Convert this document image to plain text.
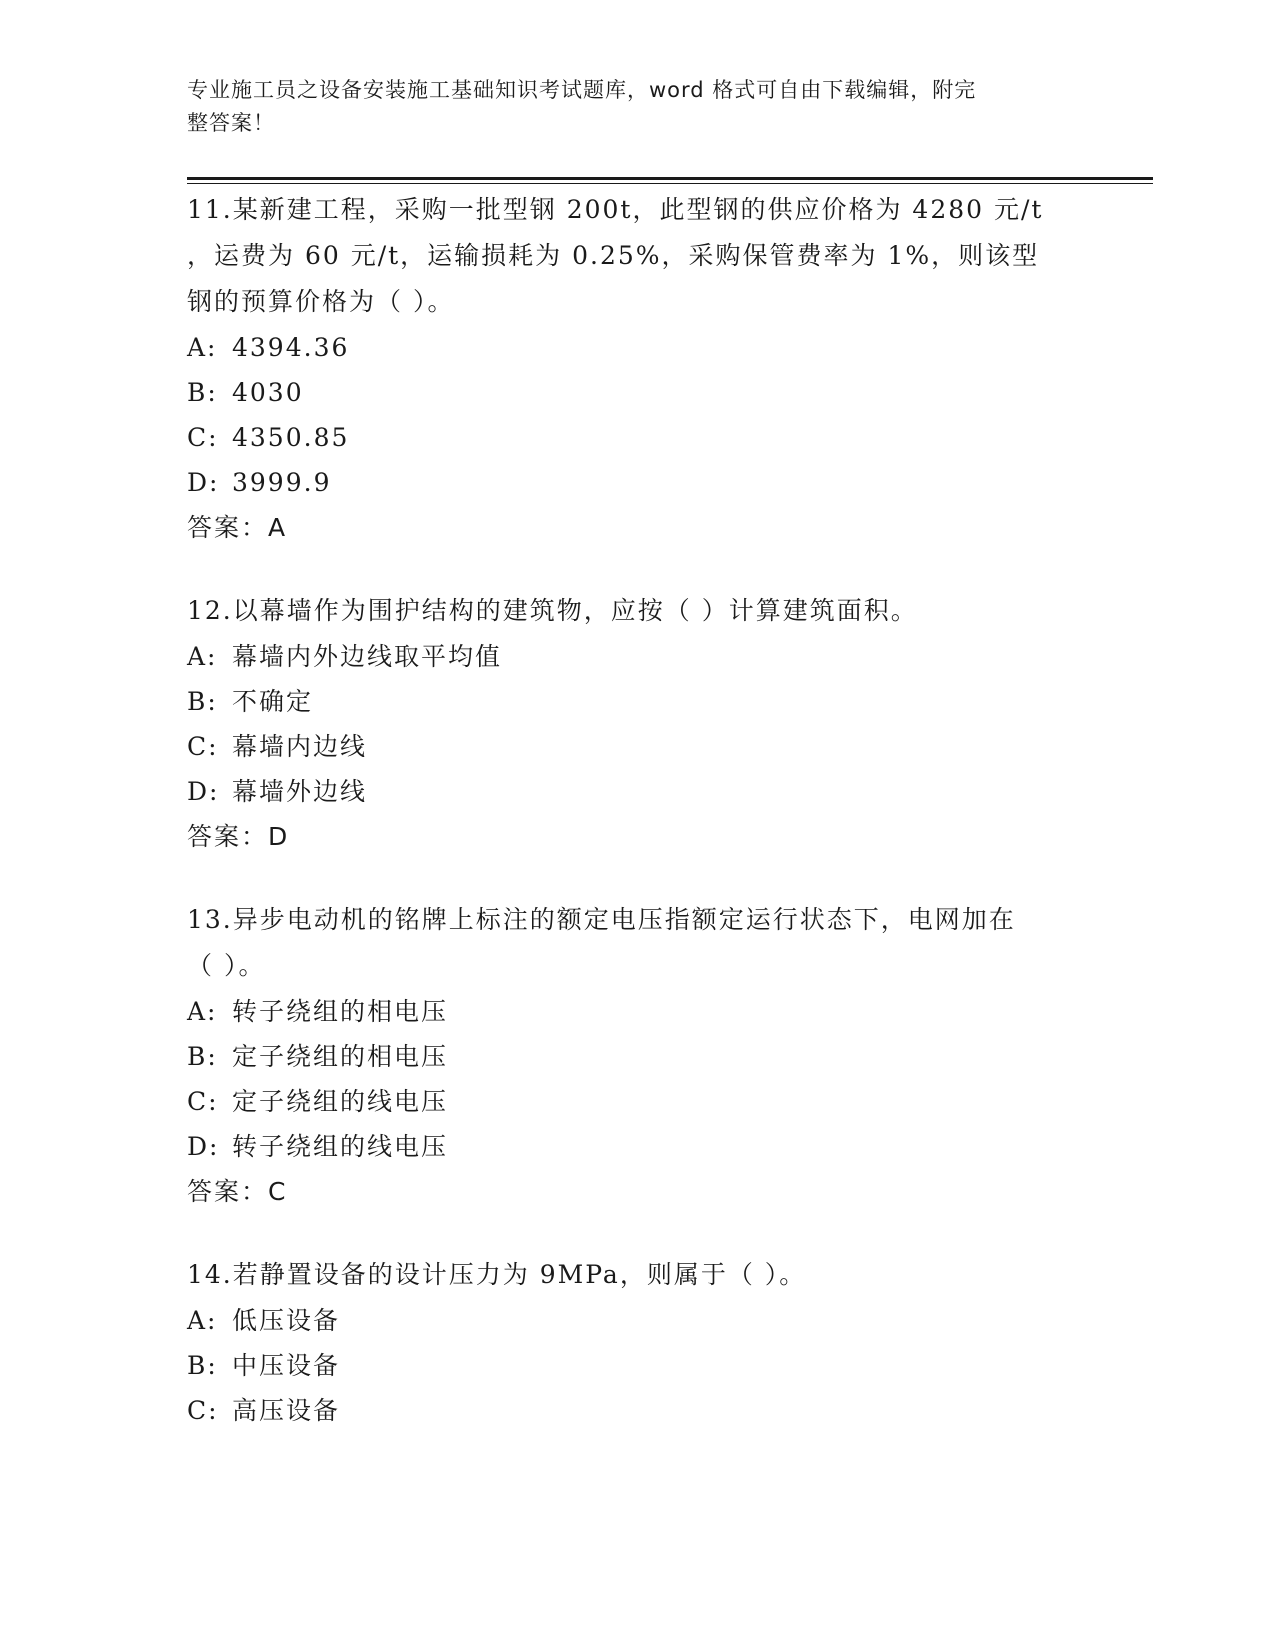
专业施工员之设备安装施工基础知识考试题库，word 格式可自由下载编辑，附完
整答案！

11.某新建工程，采购一批型钢 200t，此型钢的供应价格为 4280 元/t

，运费为 60 元/t，运输损耗为 0.25%，采购保管费率为 1%，则该型

钢的预算价格为（ ）。

A: 4394.36

B: 4030

C: 4350.85

D: 3999.9

答案：A

12.以幕墙作为围护结构的建筑物，应按（ ）计算建筑面积。

A: 幕墙内外边线取平均值

B: 不确定

C: 幕墙内边线

D: 幕墙外边线

答案：D

13.异步电动机的铭牌上标注的额定电压指额定运行状态下，电网加在

（ ）。

A: 转子绕组的相电压

B: 定子绕组的相电压

C: 定子绕组的线电压

D: 转子绕组的线电压

答案：C

14.若静置设备的设计压力为 9MPa，则属于（ ）。

A: 低压设备

B: 中压设备

C: 高压设备
